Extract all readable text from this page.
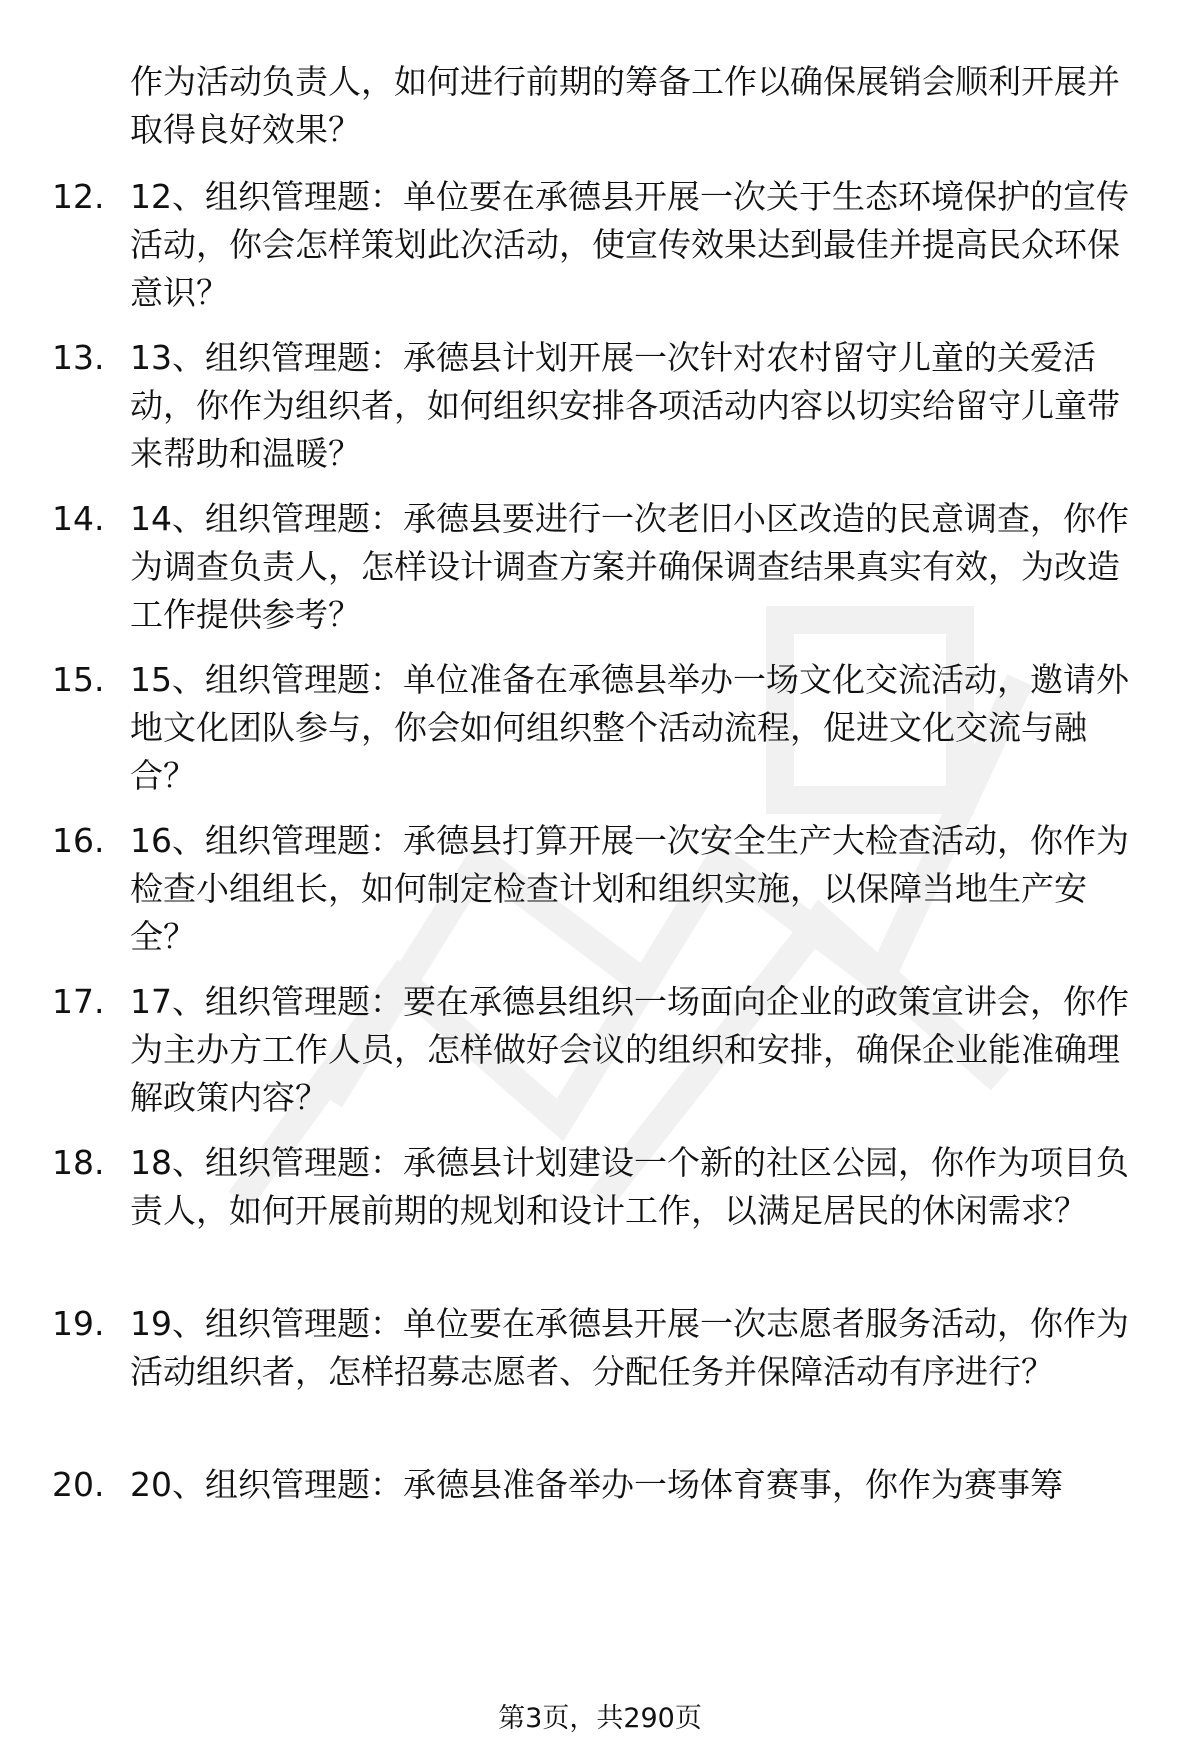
作为活动负责人，如何进行前期的筹备工作以确保展销会顺利开展并取得良好效果？
12. 12、组织管理题：单位要在承德县开展一次关于生态环境保护的宣传活动，你会怎样策划此次活动，使宣传效果达到最佳并提高民众环保意识？
13. 13、组织管理题：承德县计划开展一次针对农村留守儿童的关爱活动，你作为组织者，如何组织安排各项活动内容以切实给留守儿童带来帮助和温暖？
14. 14、组织管理题：承德县要进行一次老旧小区改造的民意调查，你作为调查负责人，怎样设计调查方案并确保调查结果真实有效，为改造工作提供参考？
15. 15、组织管理题：单位准备在承德县举办一场文化交流活动，邀请外地文化团队参与，你会如何组织整个活动流程，促进文化交流与融合？
16. 16、组织管理题：承德县打算开展一次安全生产大检查活动，你作为检查小组组长，如何制定检查计划和组织实施，以保障当地生产安全？
17. 17、组织管理题：要在承德县组织一场面向企业的政策宣讲会，你作为主办方工作人员，怎样做好会议的组织和安排，确保企业能准确理解政策内容？
18. 18、组织管理题：承德县计划建设一个新的社区公园，你作为项目负责人，如何开展前期的规划和设计工作，以满足居民的休闲需求？
19. 19、组织管理题：单位要在承德县开展一次志愿者服务活动，你作为活动组织者，怎样招募志愿者、分配任务并保障活动有序进行？
20. 20、组织管理题：承德县准备举办一场体育赛事，你作为赛事筹
第3页，共290页
